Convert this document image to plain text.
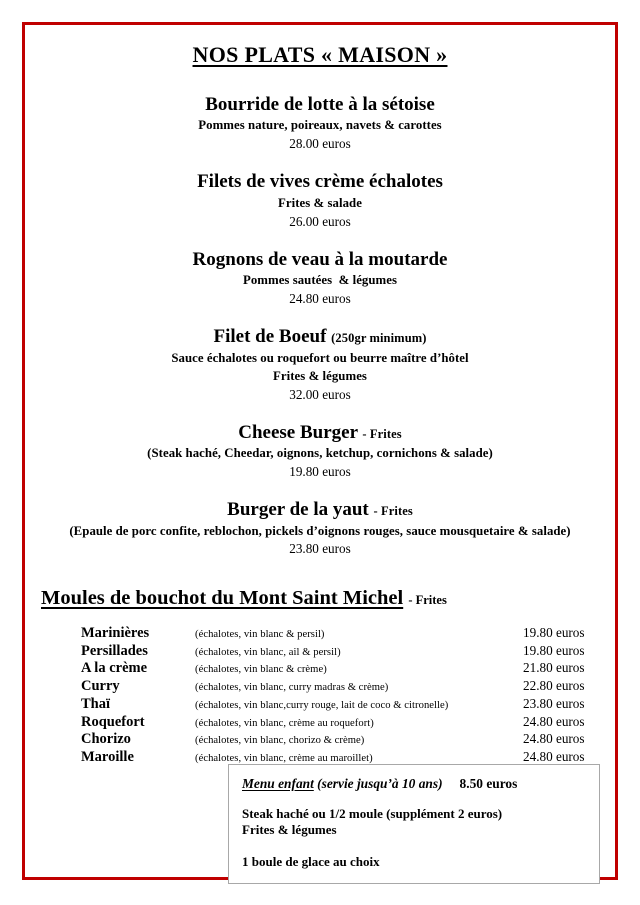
NOS PLATS « MAISON »
Bourride de lotte à la sétoise
Pommes nature, poireaux, navets & carottes
28.00 euros
Filets de vives crème échalotes
Frites & salade
26.00 euros
Rognons de veau à la moutarde
Pommes sautées  & légumes
24.80 euros
Filet de Boeuf (250gr minimum)
Sauce échalotes ou roquefort ou beurre maître d’hôtel
Frites & légumes
32.00 euros
Cheese Burger - Frites
(Steak haché, Cheedar, oignons, ketchup, cornichons & salade)
19.80 euros
Burger de la yaut - Frites
(Epaule de porc confite, reblochon, pickels d’oignons rouges, sauce mousquetaire & salade)
23.80 euros
Moules de bouchot du Mont Saint Michel - Frites
Marinières	(échalotes, vin blanc & persil)	19.80 euros
Persillades	(échalotes, vin blanc, ail & persil)	19.80 euros
A la crème	(échalotes, vin blanc & crème)	21.80 euros
Curry	(échalotes, vin blanc, curry madras & crème)	22.80 euros
Thaï	(échalotes, vin blanc,curry rouge, lait de coco & citronelle)	23.80 euros
Roquefort	(échalotes, vin blanc, crème au roquefort)	24.80 euros
Chorizo	(échalotes, vin blanc, chorizo & crème)	24.80 euros
Maroille	(échalotes, vin blanc, crème au maroillet)	24.80 euros
Menu enfant (servie jusqu’à 10 ans) 8.50 euros
Steak haché ou 1/2 moule (supplément 2 euros)
Frites & légumes
1 boule de glace au choix
